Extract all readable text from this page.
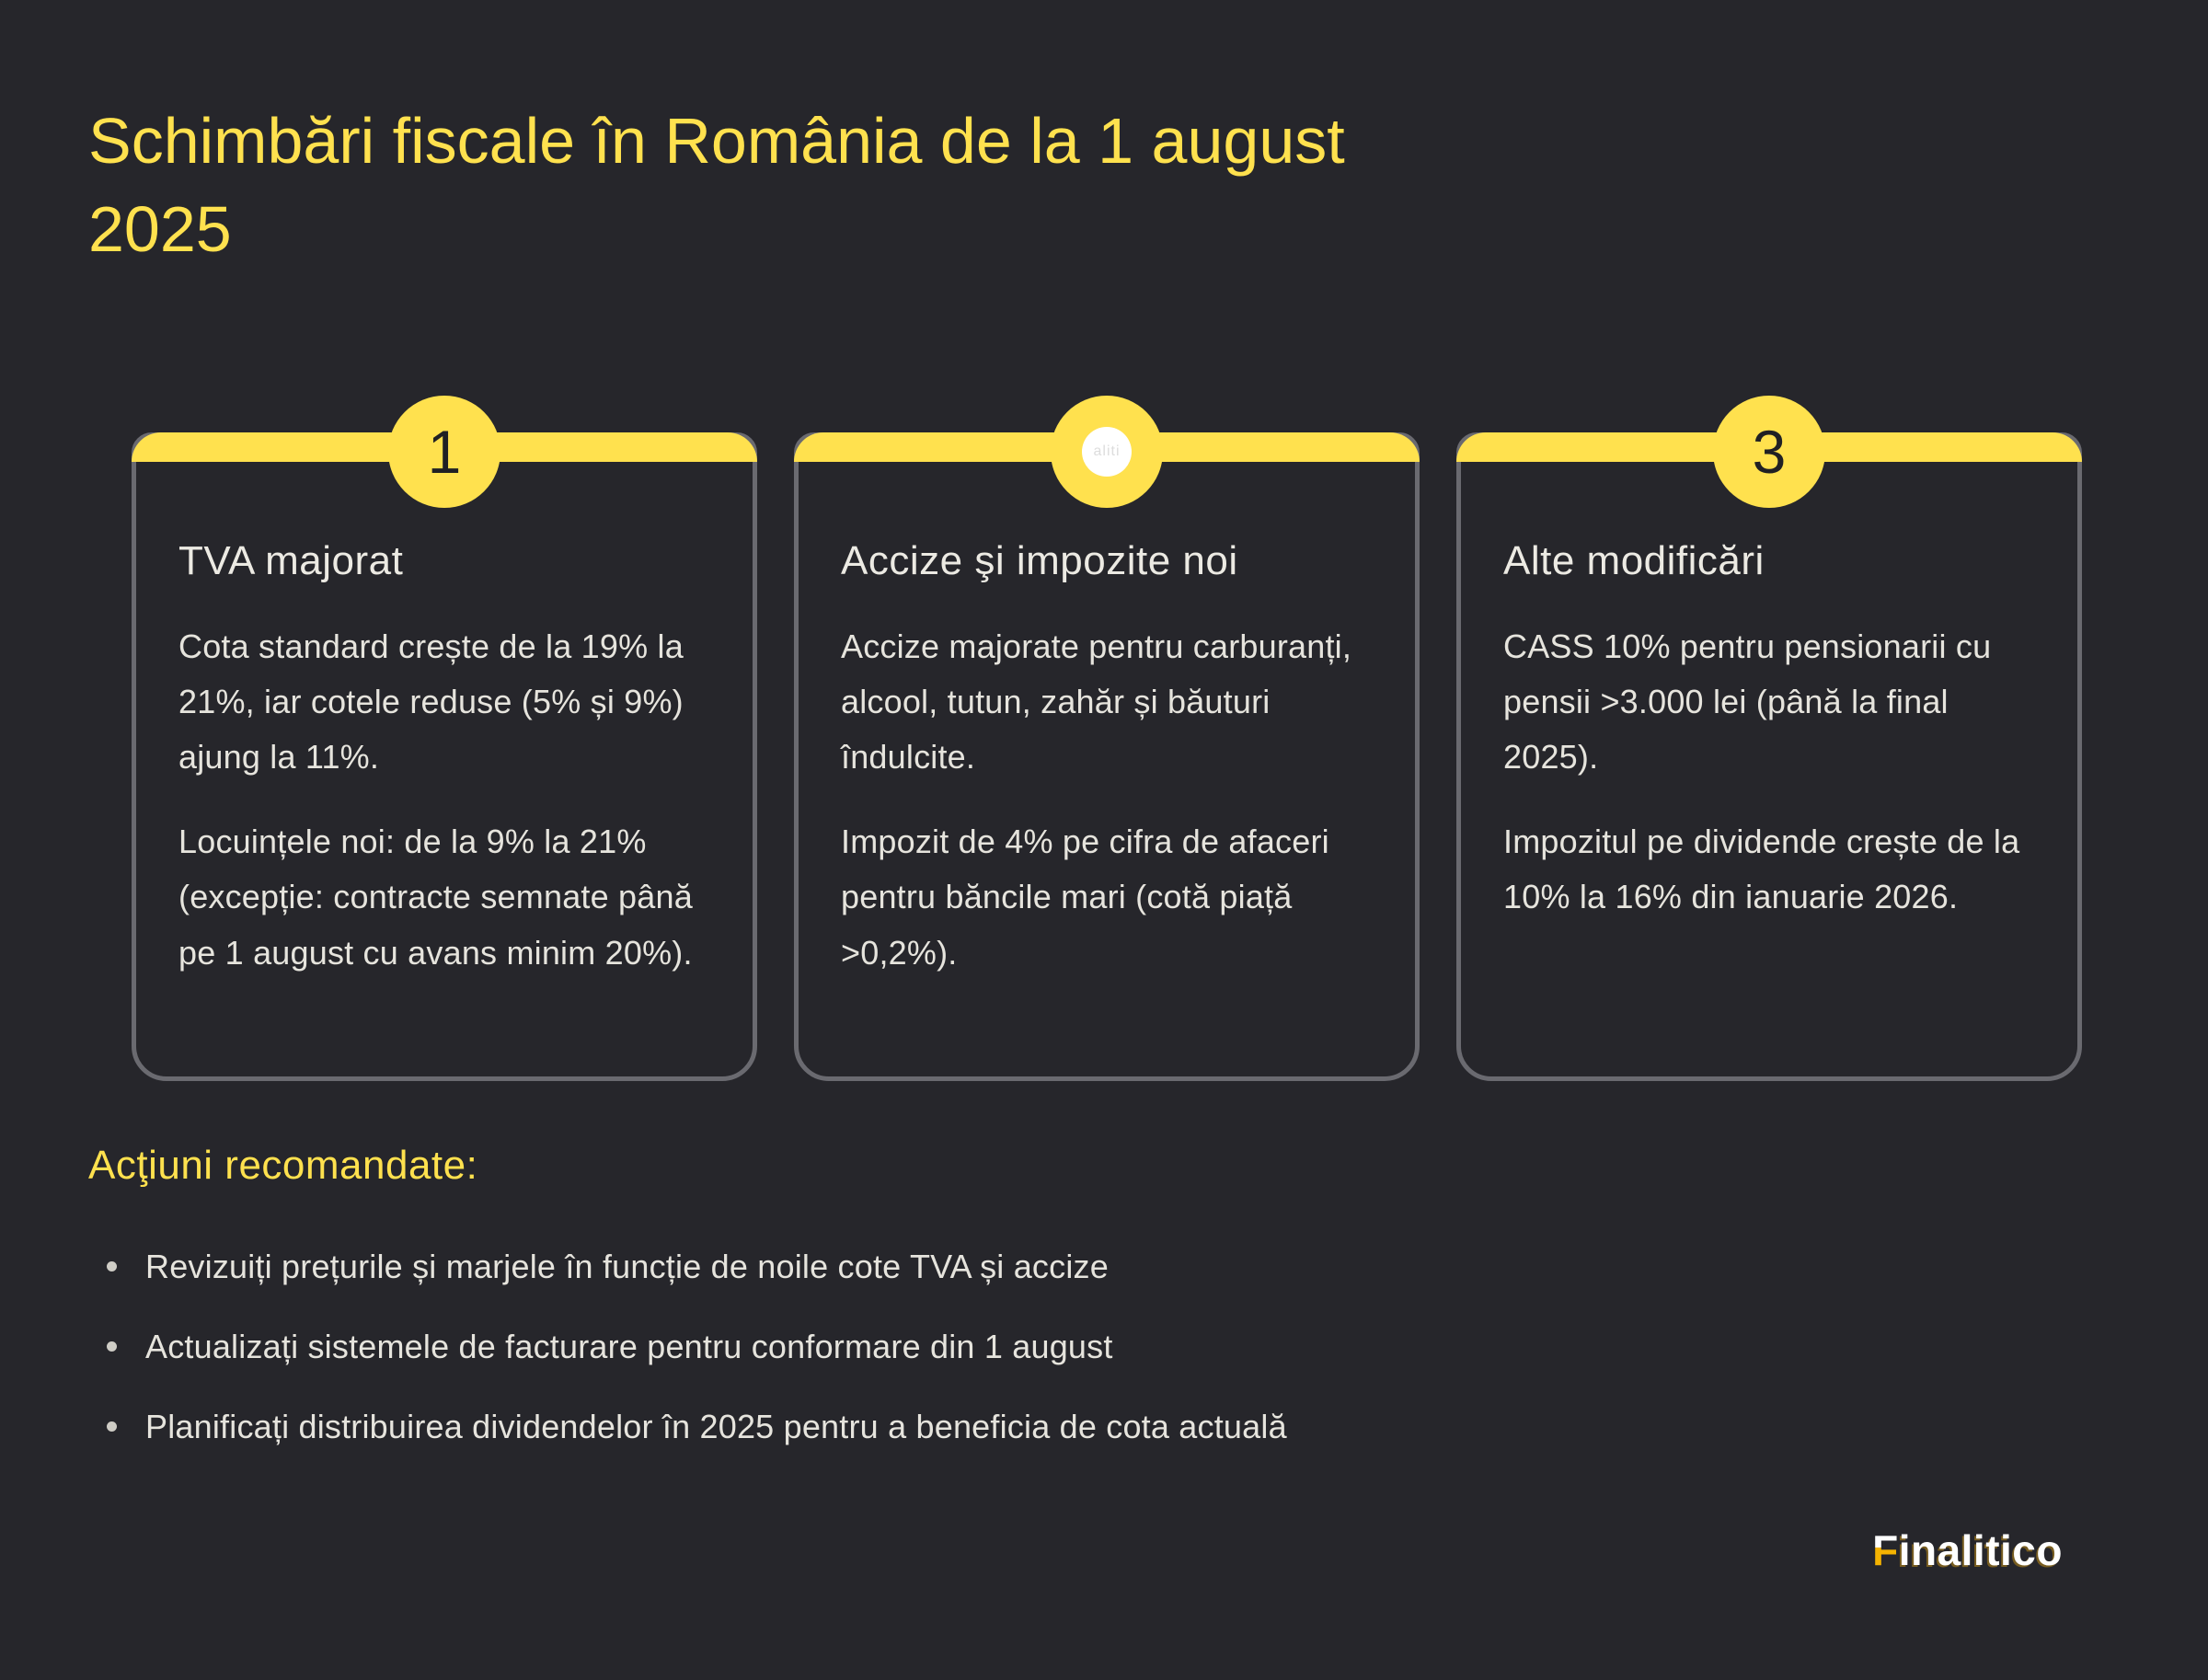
Schimbări fiscale în România de la 1 august
2025
1
TVA majorat

Cota standard crește de la 19% la 21%, iar cotele reduse (5% și 9%) ajung la 11%.

Locuințele noi: de la 9% la 21% (excepție: contracte semnate până pe 1 august cu avans minim 20%).

aliti
Accize şi impozite noi

Accize majorate pentru carburanți, alcool, tutun, zahăr și băuturi îndulcite.

Impozit de 4% pe cifra de afaceri pentru băncile mari (cotă piață >0,2%).

3
Alte modificări

CASS 10% pentru pensionarii cu pensii >3.000 lei (până la final 2025).

Impozitul pe dividende crește de la 10% la 16% din ianuarie 2026.

Acţiuni recomandate:
Revizuiți prețurile și marjele în funcție de noile cote TVA și accize
Actualizați sistemele de facturare pentru conformare din 1 august
Planificați distribuirea dividendelor în 2025 pentru a beneficia de cota actuală
Finalitico
